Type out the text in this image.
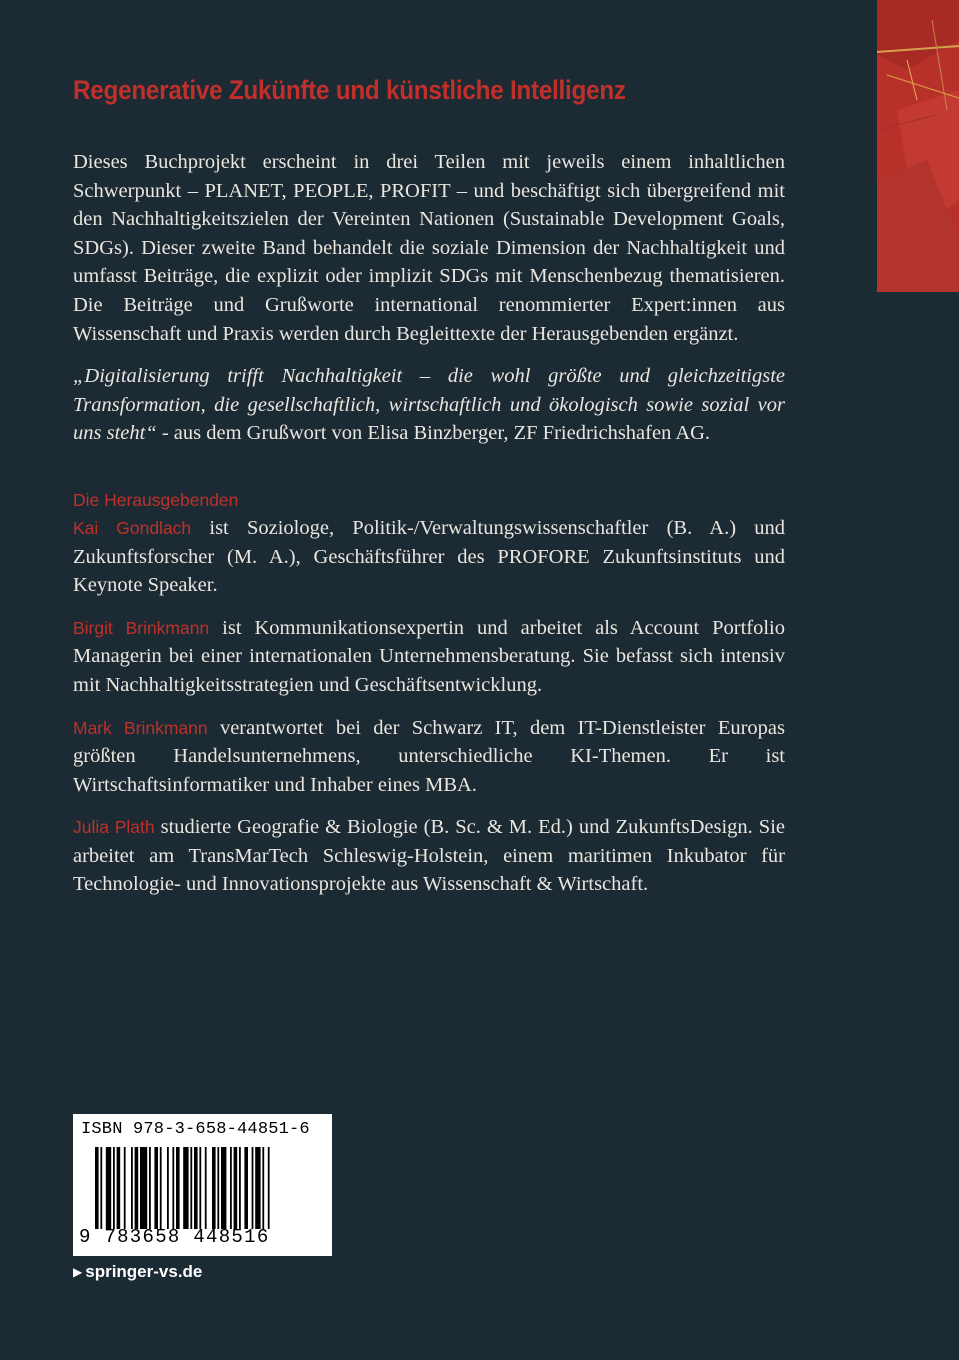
Regenerative Zukünfte und künstliche Intelligenz

Dieses Buchprojekt erscheint in drei Teilen mit jeweils einem inhaltlichen Schwerpunkt – PLANET, PEOPLE, PROFIT – und beschäftigt sich übergreifend mit den Nachhaltigkeitszielen der Vereinten Nationen (Sustainable Development Goals, SDGs). Dieser zweite Band behandelt die soziale Dimension der Nachhaltigkeit und umfasst Beiträge, die explizit oder implizit SDGs mit Menschenbezug thematisieren. Die Beiträge und Grußworte international renommierter Expert:innen aus Wissenschaft und Praxis werden durch Begleittexte der Herausgebenden ergänzt.

„Digitalisierung trifft Nachhaltigkeit – die wohl größte und gleichzeitigste Transformation, die gesellschaftlich, wirtschaftlich und ökologisch sowie sozial vor uns steht“ - aus dem Grußwort von Elisa Binzberger, ZF Friedrichshafen AG.

Die Herausgebenden

Kai Gondlach ist Soziologe, Politik-/Verwaltungswissenschaftler (B. A.) und Zukunftsforscher (M. A.), Geschäftsführer des PROFORE Zukunftsinstituts und Keynote Speaker.

Birgit Brinkmann ist Kommunikationsexpertin und arbeitet als Account Portfolio Managerin bei einer internationalen Unternehmensberatung. Sie befasst sich intensiv mit Nachhaltigkeitsstrategien und Geschäftsentwicklung.

Mark Brinkmann verantwortet bei der Schwarz IT, dem IT-Dienstleister Europas größten Handelsunternehmens, unterschiedliche KI-Themen. Er ist Wirtschaftsinformatiker und Inhaber eines MBA.

Julia Plath studierte Geografie & Biologie (B. Sc. & M. Ed.) und ZukunftsDesign. Sie arbeitet am TransMarTech Schleswig-Holstein, einem maritimen Inkubator für Technologie- und Innovationsprojekte aus Wissenschaft & Wirtschaft.

ISBN 978-3-658-44851-6
9 783658 448516
▶ springer-vs.de
